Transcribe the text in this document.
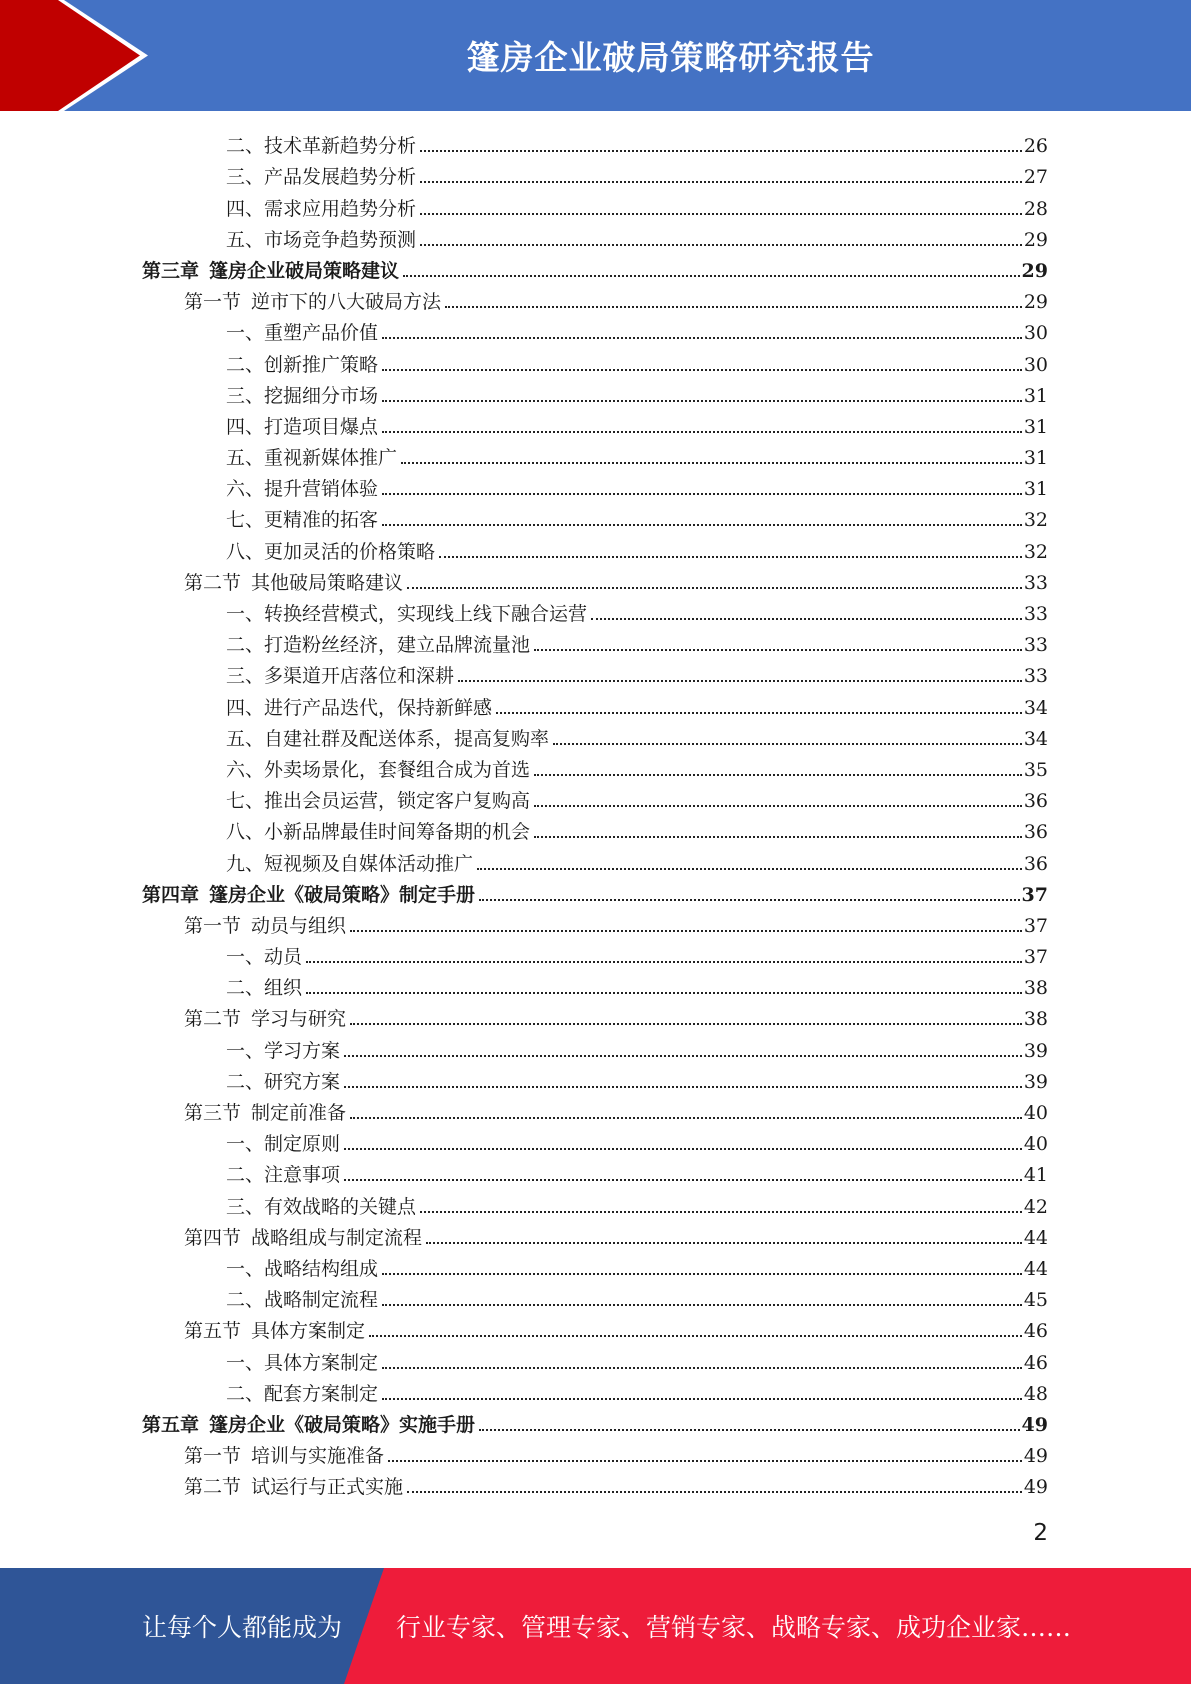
篷房企业破局策略研究报告
二、技术革新趋势分析	26
三、产品发展趋势分析	27
四、需求应用趋势分析	28
五、市场竞争趋势预测	29
第三章 篷房企业破局策略建议	29
第一节 逆市下的八大破局方法	29
一、重塑产品价值	30
二、创新推广策略	30
三、挖掘细分市场	31
四、打造项目爆点	31
五、重视新媒体推广	31
六、提升营销体验	31
七、更精准的拓客	32
八、更加灵活的价格策略	32
第二节 其他破局策略建议	33
一、转换经营模式，实现线上线下融合运营	33
二、打造粉丝经济，建立品牌流量池	33
三、多渠道开店落位和深耕	33
四、进行产品迭代，保持新鲜感	34
五、自建社群及配送体系，提高复购率	34
六、外卖场景化，套餐组合成为首选	35
七、推出会员运营，锁定客户复购高	36
八、小新品牌最佳时间筹备期的机会	36
九、短视频及自媒体活动推广	36
第四章 篷房企业《破局策略》制定手册	37
第一节 动员与组织	37
一、动员	37
二、组织	38
第二节 学习与研究	38
一、学习方案	39
二、研究方案	39
第三节 制定前准备	40
一、制定原则	40
二、注意事项	41
三、有效战略的关键点	42
第四节 战略组成与制定流程	44
一、战略结构组成	44
二、战略制定流程	45
第五节 具体方案制定	46
一、具体方案制定	46
二、配套方案制定	48
第五章 篷房企业《破局策略》实施手册	49
第一节 培训与实施准备	49
第二节 试运行与正式实施	49
2
让每个人都能成为 行业专家、管理专家、营销专家、战略专家、成功企业家……
